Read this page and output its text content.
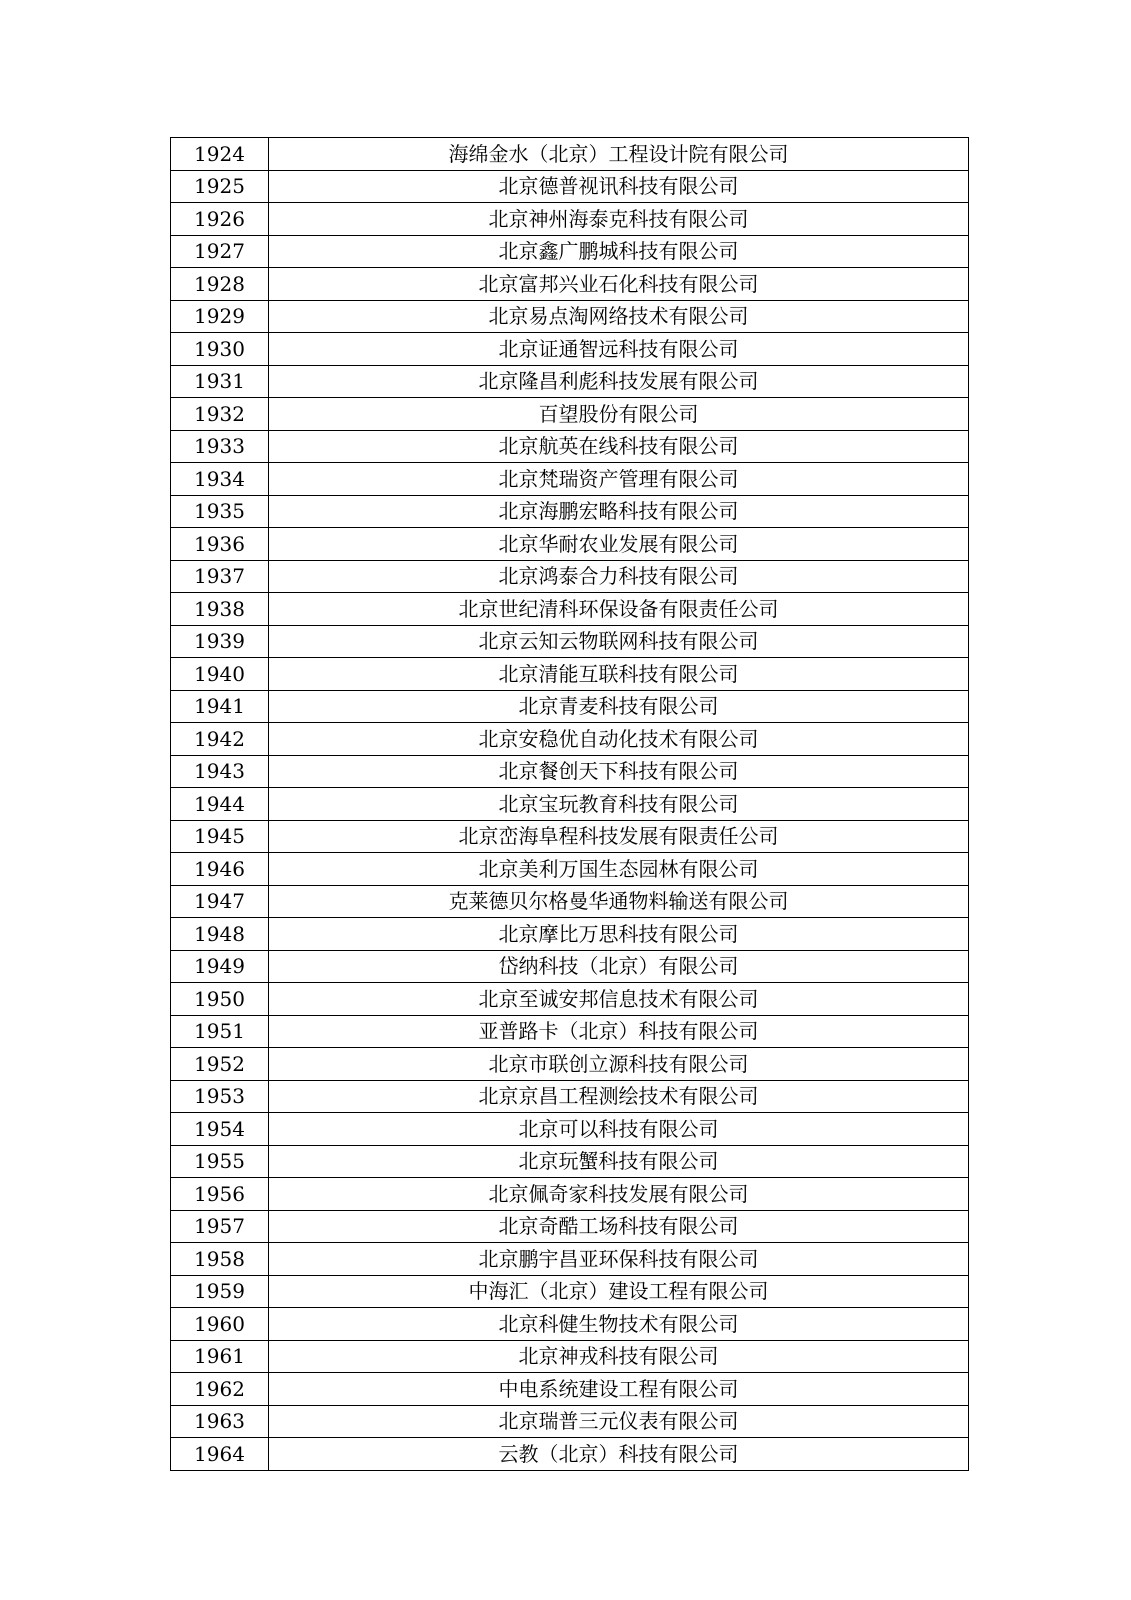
1924	海绵金水（北京）工程设计院有限公司
1925	北京德普视讯科技有限公司
1926	北京神州海泰克科技有限公司
1927	北京鑫广鹏城科技有限公司
1928	北京富邦兴业石化科技有限公司
1929	北京易点淘网络技术有限公司
1930	北京证通智远科技有限公司
1931	北京隆昌利彪科技发展有限公司
1932	百望股份有限公司
1933	北京航英在线科技有限公司
1934	北京梵瑞资产管理有限公司
1935	北京海鹏宏略科技有限公司
1936	北京华耐农业发展有限公司
1937	北京鸿泰合力科技有限公司
1938	北京世纪清科环保设备有限责任公司
1939	北京云知云物联网科技有限公司
1940	北京清能互联科技有限公司
1941	北京青麦科技有限公司
1942	北京安稳优自动化技术有限公司
1943	北京餐创天下科技有限公司
1944	北京宝玩教育科技有限公司
1945	北京峦海阜程科技发展有限责任公司
1946	北京美利万国生态园林有限公司
1947	克莱德贝尔格曼华通物料输送有限公司
1948	北京摩比万思科技有限公司
1949	岱纳科技（北京）有限公司
1950	北京至诚安邦信息技术有限公司
1951	亚普路卡（北京）科技有限公司
1952	北京市联创立源科技有限公司
1953	北京京昌工程测绘技术有限公司
1954	北京可以科技有限公司
1955	北京玩蟹科技有限公司
1956	北京佩奇家科技发展有限公司
1957	北京奇酷工场科技有限公司
1958	北京鹏宇昌亚环保科技有限公司
1959	中海汇（北京）建设工程有限公司
1960	北京科健生物技术有限公司
1961	北京神戎科技有限公司
1962	中电系统建设工程有限公司
1963	北京瑞普三元仪表有限公司
1964	云教（北京）科技有限公司
